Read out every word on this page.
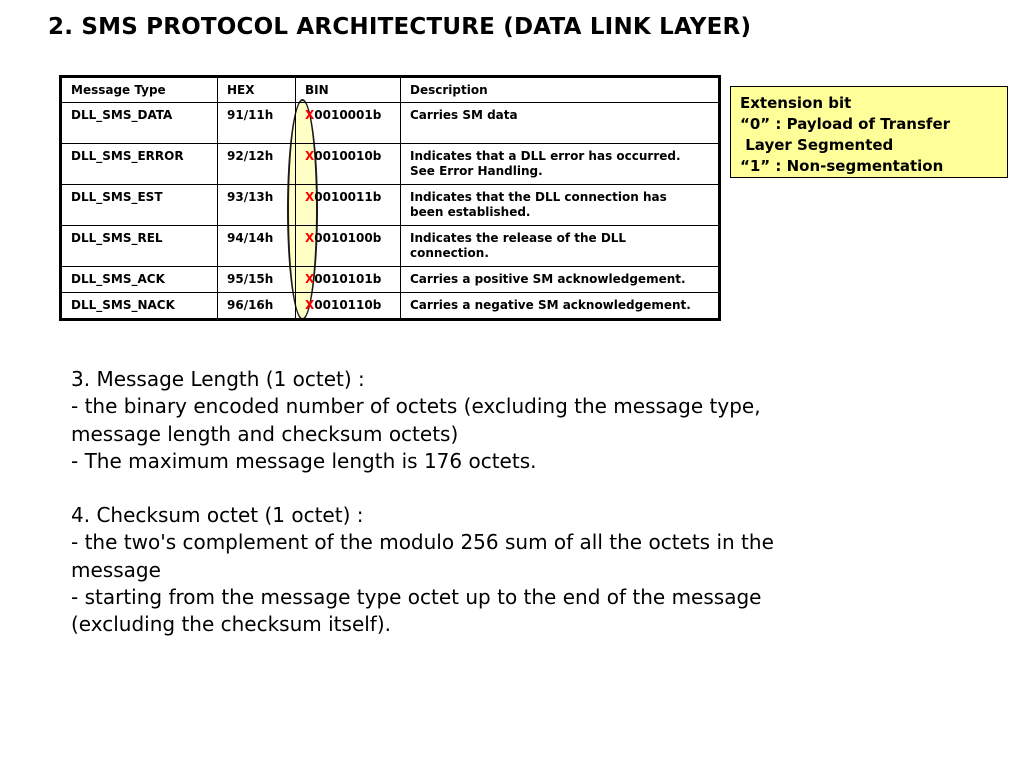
2. SMS PROTOCOL ARCHITECTURE (DATA LINK LAYER)
Message Type	HEX	BIN	Description
DLL_SMS_DATA	91/11h	X0010001b	Carries SM data

DLL_SMS_ERROR	92/12h	X0010010b	Indicates that a DLL error has occurred.
See Error Handling.

DLL_SMS_EST	93/13h	X0010011b	Indicates that the DLL connection has
been established.

DLL_SMS_REL	94/14h	X0010100b	Indicates the release of the DLL
connection.

DLL_SMS_ACK	95/15h	X0010101b	Carries a positive SM acknowledgement.

DLL_SMS_NACK	96/16h	X0010110b	Carries a negative SM acknowledgement.
Extension bit
“0” : Payload of Transfer
Layer Segmented
“1” : Non-segmentation

3. Message Length (1 octet) :

- the binary encoded number of octets (excluding the message type,

message length and checksum octets)

- The maximum message length is 176 octets.

4. Checksum octet (1 octet) :

- the two's complement of the modulo 256 sum of all the octets in the

message

- starting from the message type octet up to the end of the message

(excluding the checksum itself).
